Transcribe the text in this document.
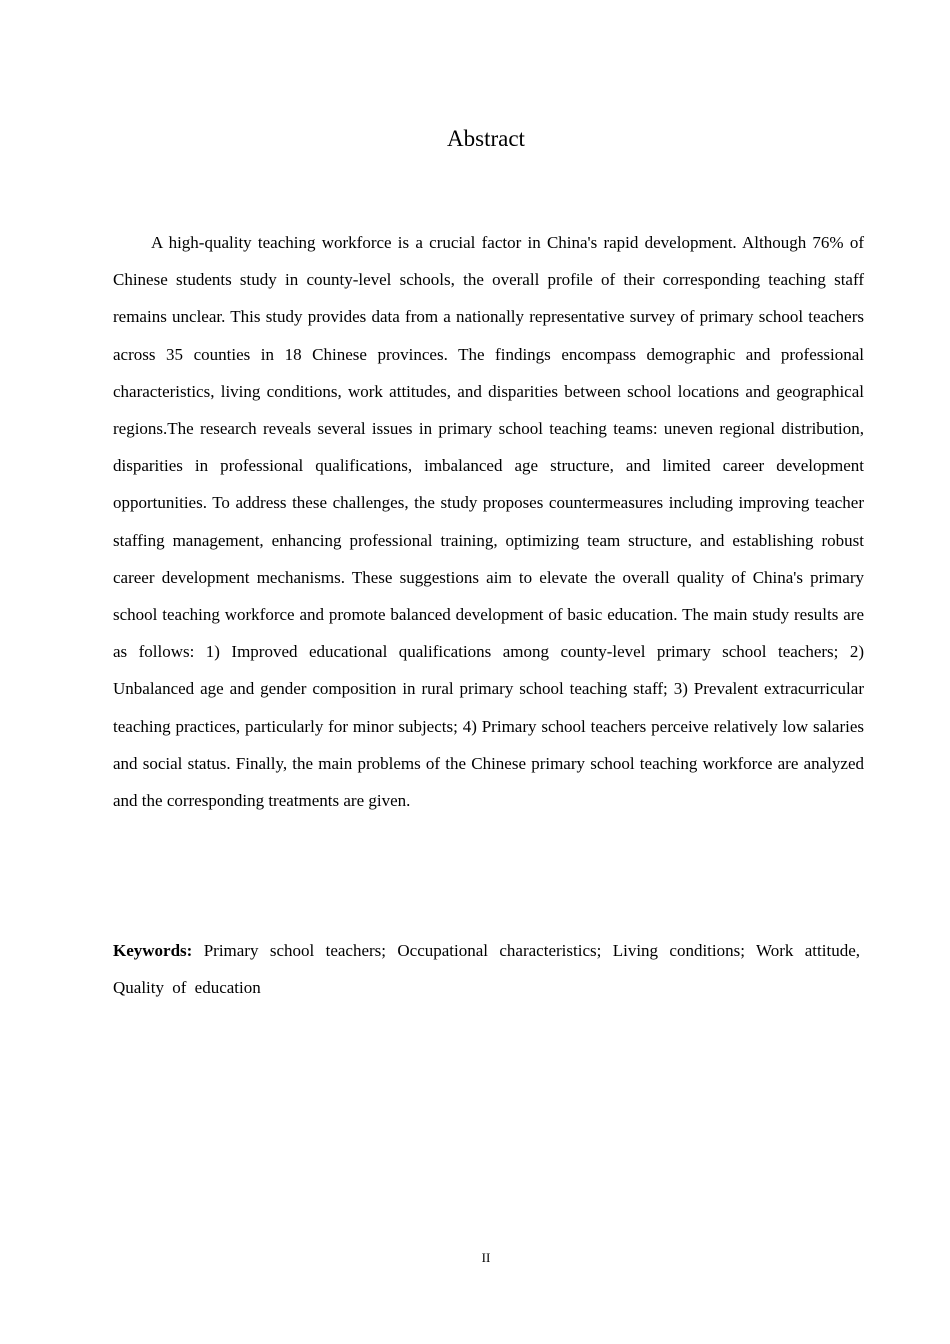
Abstract

A high-quality teaching workforce is a crucial factor in China's rapid development. Although 76% of Chinese students study in county-level schools, the overall profile of their corresponding teaching staff remains unclear. This study provides data from a nationally representative survey of primary school teachers across 35 counties in 18 Chinese provinces. The findings encompass demographic and professional characteristics, living conditions, work attitudes, and disparities between school locations and geographical regions.The research reveals several issues in primary school teaching teams: uneven regional distribution, disparities in professional qualifications, imbalanced age structure, and limited career development opportunities. To address these challenges, the study proposes countermeasures including improving teacher staffing management, enhancing professional training, optimizing team structure, and establishing robust career development mechanisms. These suggestions aim to elevate the overall quality of China's primary school teaching workforce and promote balanced development of basic education. The main study results are as follows: 1) Improved educational qualifications among county-level primary school teachers; 2) Unbalanced age and gender composition in rural primary school teaching staff; 3) Prevalent extracurricular teaching practices, particularly for minor subjects; 4) Primary school teachers perceive relatively low salaries and social status. Finally, the main problems of the Chinese primary school teaching workforce are analyzed and the corresponding treatments are given.

Keywords: Primary school teachers; Occupational characteristics; Living conditions; Work attitude, Quality of education

II
